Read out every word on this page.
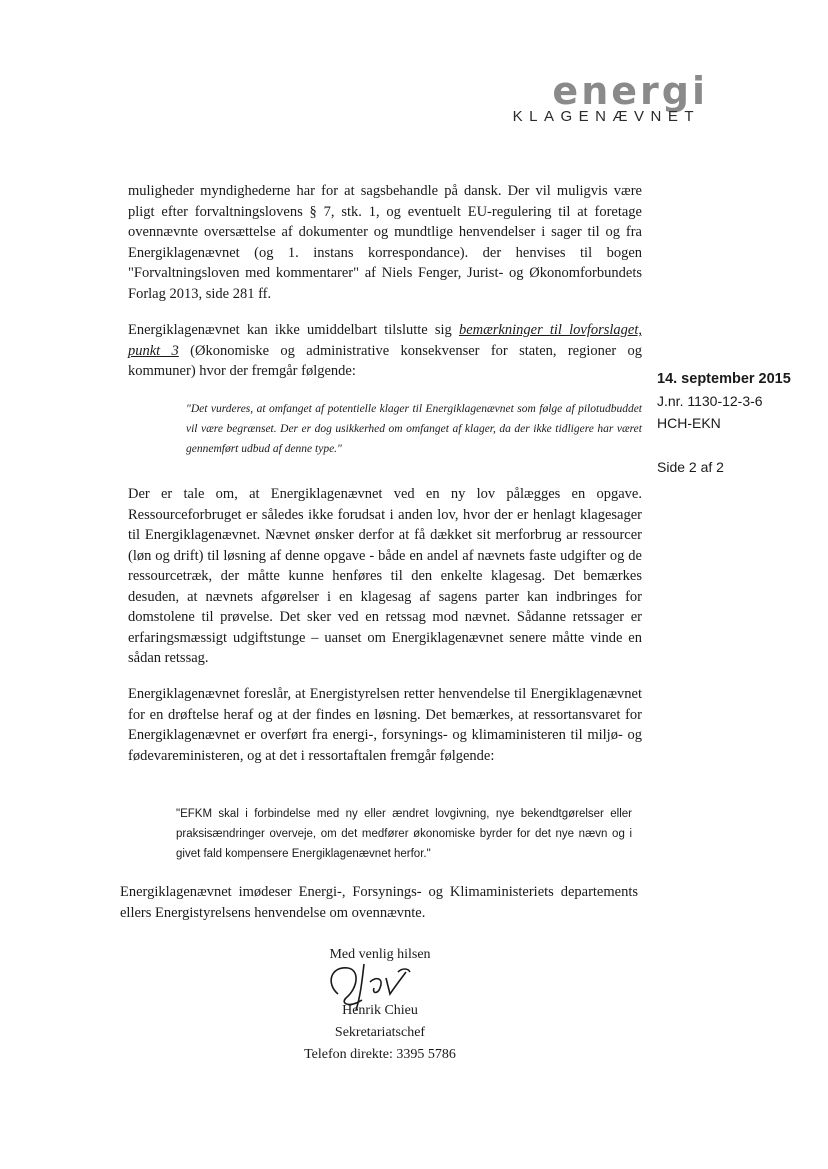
energi
KLAGENÆVNET
14. september 2015
J.nr. 1130-12-3-6
HCH-EKN
Side 2 af 2
muligheder myndighederne har for at sagsbehandle på dansk. Der vil muligvis være pligt efter forvaltningslovens § 7, stk. 1, og eventuelt EU-regulering til at foretage ovennævnte oversættelse af dokumenter og mundtlige henvendelser i sager til og fra Energiklagenævnet (og 1. instans korrespondance). der henvises til bogen "Forvaltningsloven med kommentarer" af Niels Fenger, Jurist- og Økonomforbundets Forlag 2013, side 281 ff.
Energiklagenævnet kan ikke umiddelbart tilslutte sig bemærkninger til lovforslaget, punkt 3 (Økonomiske og administrative konsekvenser for staten, regioner og kommuner) hvor der fremgår følgende:
"Det vurderes, at omfanget af potentielle klager til Energiklagenævnet som følge af pilotudbuddet vil være begrænset. Der er dog usikkerhed om omfanget af klager, da der ikke tidligere har været gennemført udbud af denne type."
Der er tale om, at Energiklagenævnet ved en ny lov pålægges en opgave. Ressourceforbruget er således ikke forudsat i anden lov, hvor der er henlagt klagesager til Energiklagenævnet. Nævnet ønsker derfor at få dækket sit merforbrug ar ressourcer (løn og drift) til løsning af denne opgave - både en andel af nævnets faste udgifter og de ressourcetræk, der måtte kunne henføres til den enkelte klagesag. Det bemærkes desuden, at nævnets afgørelser i en klagesag af sagens parter kan indbringes for domstolene til prøvelse. Det sker ved en retssag mod nævnet. Sådanne retssager er erfaringsmæssigt udgiftstunge – uanset om Energiklagenævnet senere måtte vinde en sådan retssag.
Energiklagenævnet foreslår, at Energistyrelsen retter henvendelse til Energiklagenævnet for en drøftelse heraf og at der findes en løsning. Det bemærkes, at ressortansvaret for Energiklagenævnet er overført fra energi-, forsynings- og klimaministeren til miljø- og fødevareministeren, og at det i ressortaftalen fremgår følgende:
"EFKM skal i forbindelse med ny eller ændret lovgivning, nye bekendtgørelser eller praksisændringer overveje, om det medfører økonomiske byrder for det nye nævn og i givet fald kompensere Energiklagenævnet herfor."
Energiklagenævnet imødeser Energi-, Forsynings- og Klimaministeriets departements ellers Energistyrelsens henvendelse om ovennævnte.
Med venlig hilsen
Henrik Chieu
Sekretariatschef
Telefon direkte: 3395 5786
